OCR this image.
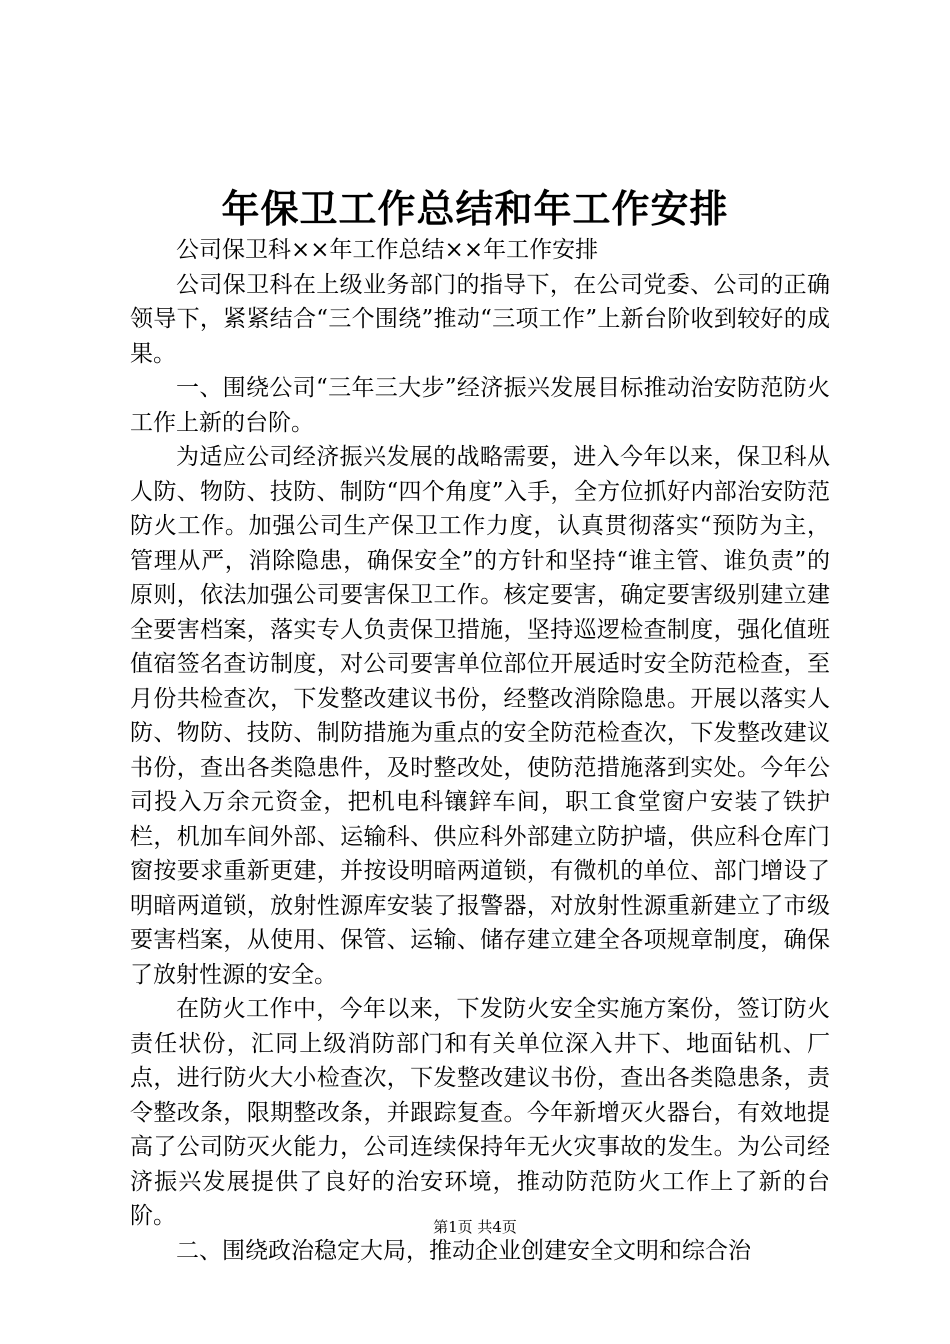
年保卫工作总结和年工作安排

公司保卫科××年工作总结××年工作安排

公司保卫科在上级业务部门的指导下，在公司党委、公司的正确领导下，紧紧结合“三个围绕”推动“三项工作”上新台阶收到较好的成果。

一、围绕公司“三年三大步”经济振兴发展目标推动治安防范防火工作上新的台阶。

为适应公司经济振兴发展的战略需要，进入今年以来，保卫科从人防、物防、技防、制防“四个角度”入手，全方位抓好内部治安防范防火工作。加强公司生产保卫工作力度，认真贯彻落实“预防为主，管理从严，消除隐患，确保安全”的方针和坚持“谁主管、谁负责”的原则，依法加强公司要害保卫工作。核定要害，确定要害级别建立建全要害档案，落实专人负责保卫措施，坚持巡逻检查制度，强化值班值宿签名查访制度，对公司要害单位部位开展适时安全防范检查，至月份共检查次，下发整改建议书份，经整改消除隐患。开展以落实人防、物防、技防、制防措施为重点的安全防范检查次，下发整改建议书份，查出各类隐患件，及时整改处，使防范措施落到实处。今年公司投入万余元资金，把机电科镶鋅车间，职工食堂窗户安装了铁护栏，机加车间外部、运输科、供应科外部建立防护墙，供应科仓库门窗按要求重新更建，并按设明暗两道锁，有微机的单位、部门增设了明暗两道锁，放射性源库安装了报警器，对放射性源重新建立了市级要害档案，从使用、保管、运输、储存建立建全各项规章制度，确保了放射性源的安全。

在防火工作中，今年以来，下发防火安全实施方案份，签订防火责任状份，汇同上级消防部门和有关单位深入井下、地面钻机、厂点，进行防火大小检查次，下发整改建议书份，查出各类隐患条，责令整改条，限期整改条，并跟踪复查。今年新增灭火器台，有效地提高了公司防灭火能力，公司连续保持年无火灾事故的发生。为公司经济振兴发展提供了良好的治安环境，推动防范防火工作上了新的台阶。

二、围绕政治稳定大局，推动企业创建安全文明和综合治

第1页 共4页
